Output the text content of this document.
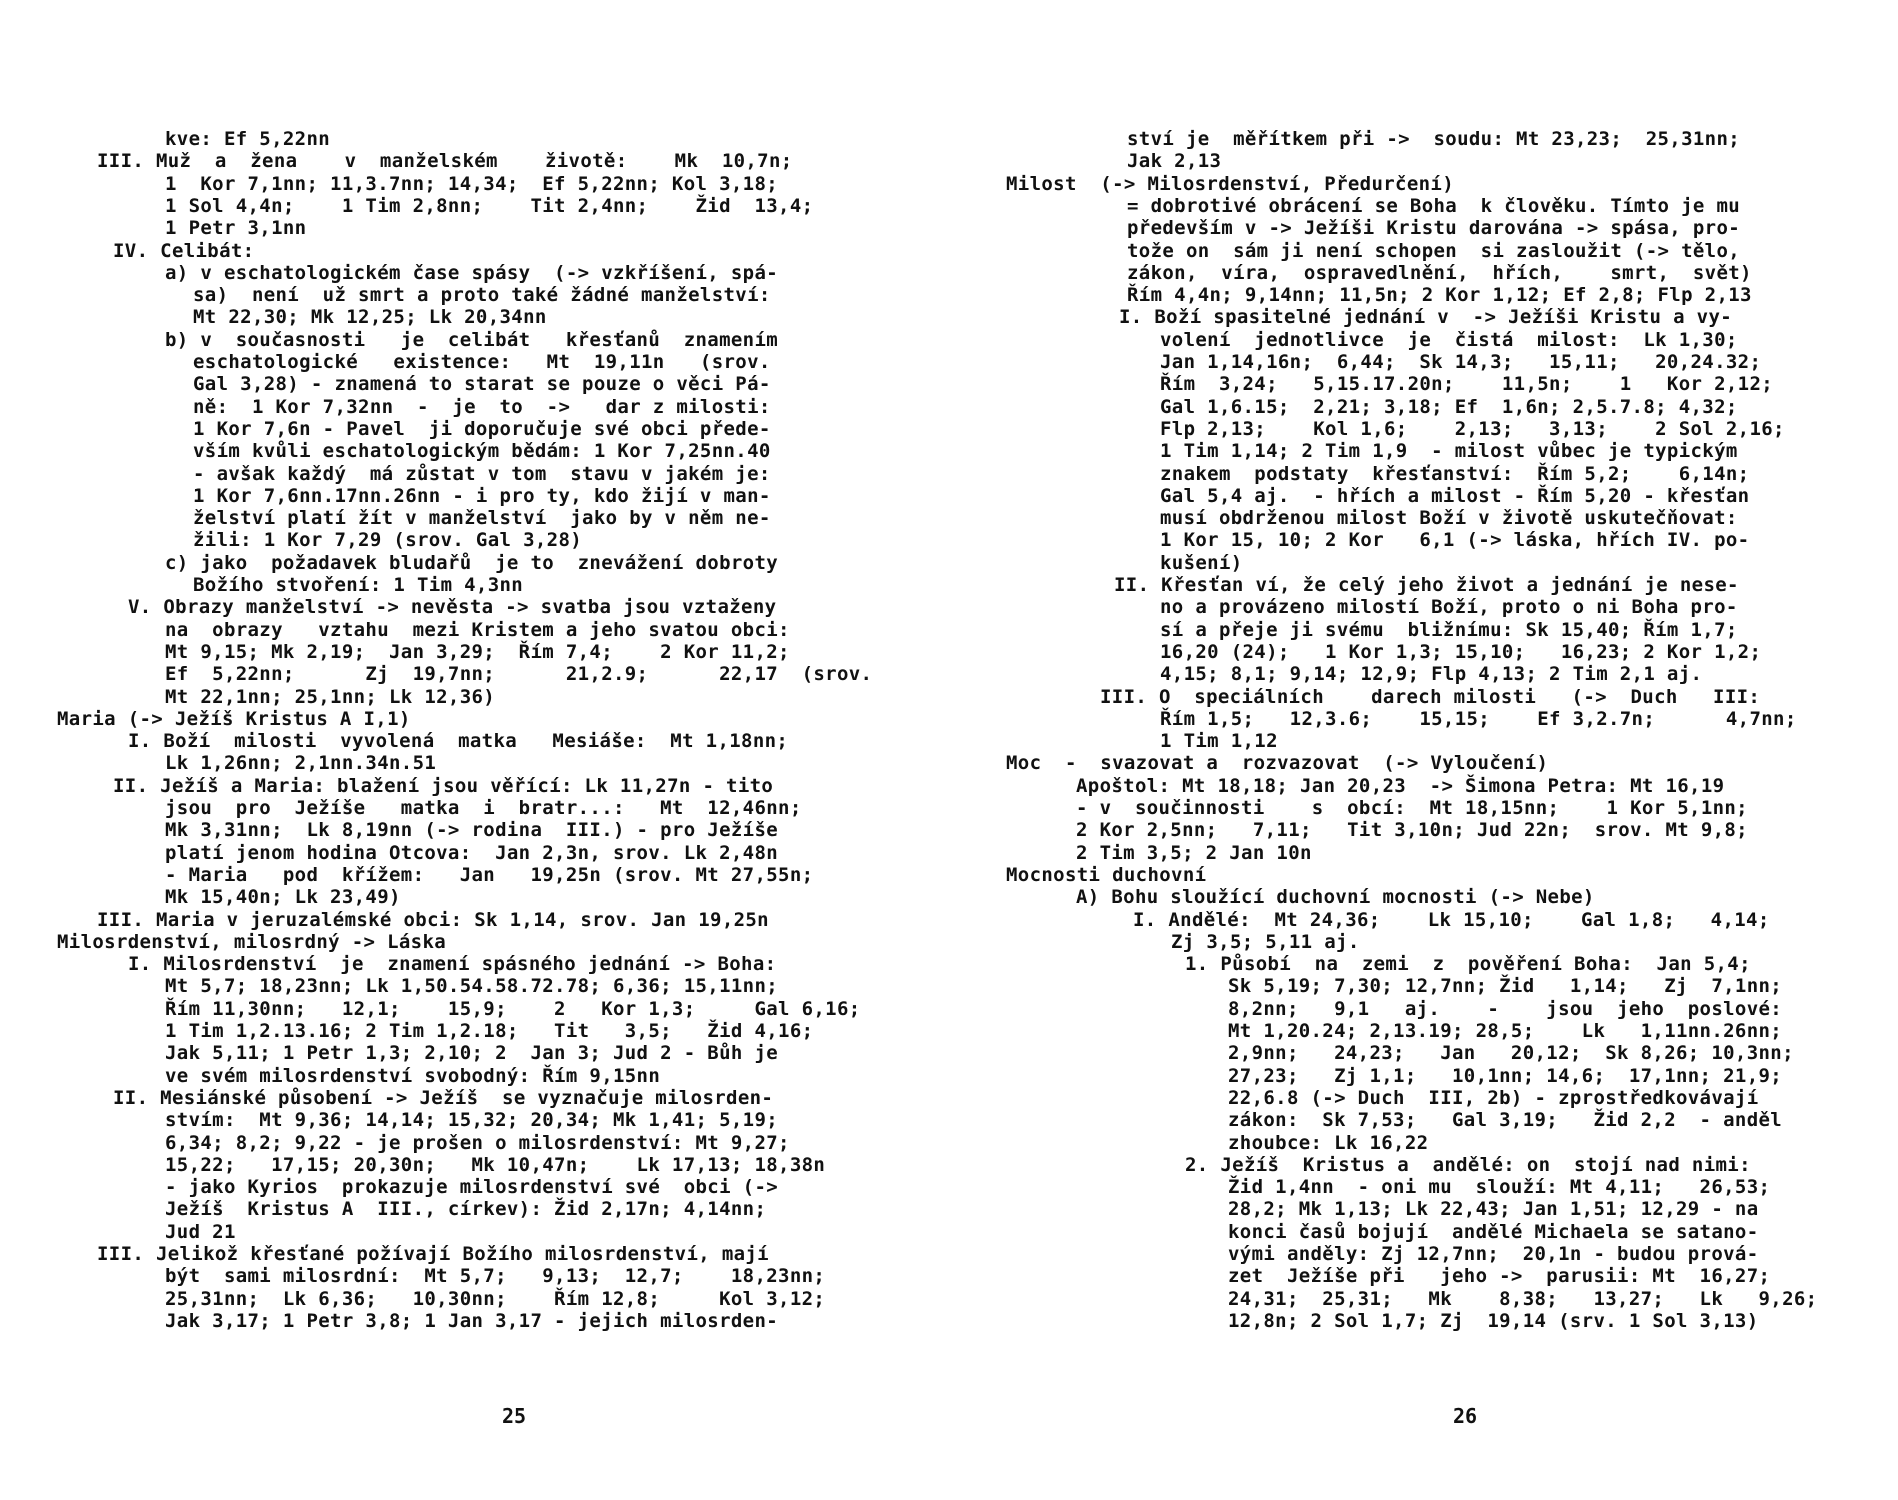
kve: Ef 5,22nn
III. Muž  a  žena    v  manželském    životě:    Mk  10,7n;
1  Kor 7,1nn; 11,3.7nn; 14,34;  Ef 5,22nn; Kol 3,18;
1 Sol 4,4n;    1 Tim 2,8nn;    Tit 2,4nn;    Žid  13,4;
1 Petr 3,1nn
IV. Celibát:
a) v eschatologickém čase spásy  (-> vzkříšení, spá-
sa)  není  už smrt a proto také žádné manželství:
Mt 22,30; Mk 12,25; Lk 20,34nn
b) v  současnosti   je  celibát   křesťanů  znamením
eschatologické   existence:   Mt  19,11n   (srov.
Gal 3,28) - znamená to starat se pouze o věci Pá-
ně:  1 Kor 7,32nn  -  je  to  ->   dar z milosti:
1 Kor 7,6n - Pavel  ji doporučuje své obci přede-
vším kvůli eschatologickým bědám: 1 Kor 7,25nn.40
- avšak každý  má zůstat v tom  stavu v jakém je:
1 Kor 7,6nn.17nn.26nn - i pro ty, kdo žijí v man-
želství platí žít v manželství  jako by v něm ne-
žili: 1 Kor 7,29 (srov. Gal 3,28)
c) jako  požadavek bludařů  je to  znevážení dobroty
Božího stvoření: 1 Tim 4,3nn
V. Obrazy manželství -> nevěsta -> svatba jsou vztaženy
na  obrazy   vztahu  mezi Kristem a jeho svatou obci:
Mt 9,15; Mk 2,19;  Jan 3,29;  Řím 7,4;    2 Kor 11,2;
Ef  5,22nn;      Zj  19,7nn;      21,2.9;      22,17  (srov.
Mt 22,1nn; 25,1nn; Lk 12,36)
Maria (-> Ježíš Kristus A I,1)
I. Boží  milosti  vyvolená  matka   Mesiáše:  Mt 1,18nn;
Lk 1,26nn; 2,1nn.34n.51
II. Ježíš a Maria: blažení jsou věřící: Lk 11,27n - tito
jsou  pro  Ježíše   matka  i  bratr...:   Mt  12,46nn;
Mk 3,31nn;  Lk 8,19nn (-> rodina  III.) - pro Ježíše
platí jenom hodina Otcova:  Jan 2,3n, srov. Lk 2,48n
- Maria   pod  křížem:   Jan   19,25n (srov. Mt 27,55n;
Mk 15,40n; Lk 23,49)
III. Maria v jeruzalémské obci: Sk 1,14, srov. Jan 19,25n
Milosrdenství, milosrdný -> Láska
I. Milosrdenství  je  znamení spásného jednání -> Boha:
Mt 5,7; 18,23nn; Lk 1,50.54.58.72.78; 6,36; 15,11nn;
Řím 11,30nn;   12,1;    15,9;    2   Kor 1,3;     Gal 6,16;
1 Tim 1,2.13.16; 2 Tim 1,2.18;   Tit   3,5;   Žid 4,16;
Jak 5,11; 1 Petr 1,3; 2,10; 2  Jan 3; Jud 2 - Bůh je
ve svém milosrdenství svobodný: Řím 9,15nn
II. Mesiánské působení -> Ježíš  se vyznačuje milosrden-
stvím:  Mt 9,36; 14,14; 15,32; 20,34; Mk 1,41; 5,19;
6,34; 8,2; 9,22 - je prošen o milosrdenství: Mt 9,27;
15,22;   17,15; 20,30n;   Mk 10,47n;    Lk 17,13; 18,38n
- jako Kyrios  prokazuje milosrdenství své  obci (->
Ježíš  Kristus A  III., církev): Žid 2,17n; 4,14nn;
Jud 21
III. Jelikož křesťané požívají Božího milosrdenství, mají
být  sami milosrdní:  Mt 5,7;   9,13;  12,7;    18,23nn;
25,31nn;  Lk 6,36;   10,30nn;    Řím 12,8;     Kol 3,12;
Jak 3,17; 1 Petr 3,8; 1 Jan 3,17 - jejich milosrden-
25
ství je  měřítkem při ->  soudu: Mt 23,23;  25,31nn;
Jak 2,13
Milost  (-> Milosrdenství, Předurčení)
= dobrotivé obrácení se Boha  k člověku. Tímto je mu
především v -> Ježíši Kristu darována -> spása, pro-
tože on  sám ji není schopen  si zasloužit (-> tělo,
zákon,  víra,  ospravedlnění,  hřích,    smrt,  svět)
Řím 4,4n; 9,14nn; 11,5n; 2 Kor 1,12; Ef 2,8; Flp 2,13
I. Boží spasitelné jednání v  -> Ježíši Kristu a vy-
volení  jednotlivce  je  čistá  milost:  Lk 1,30;
Jan 1,14,16n;  6,44;  Sk 14,3;   15,11;   20,24.32;
Řím  3,24;   5,15.17.20n;    11,5n;    1   Kor 2,12;
Gal 1,6.15;  2,21; 3,18; Ef  1,6n; 2,5.7.8; 4,32;
Flp 2,13;    Kol 1,6;    2,13;   3,13;    2 Sol 2,16;
1 Tim 1,14; 2 Tim 1,9  - milost vůbec je typickým
znakem  podstaty  křesťanství:  Řím 5,2;    6,14n;
Gal 5,4 aj.  - hřích a milost - Řím 5,20 - křesťan
musí obdrženou milost Boží v životě uskutečňovat:
1 Kor 15, 10; 2 Kor   6,1 (-> láska, hřích IV. po-
kušení)
II. Křesťan ví, že celý jeho život a jednání je nese-
no a provázeno milostí Boží, proto o ni Boha pro-
sí a přeje ji svému  bližnímu: Sk 15,40; Řím 1,7;
16,20 (24);   1 Kor 1,3; 15,10;   16,23; 2 Kor 1,2;
4,15; 8,1; 9,14; 12,9; Flp 4,13; 2 Tim 2,1 aj.
III. O  speciálních    darech milosti   (->  Duch   III:
Řím 1,5;   12,3.6;    15,15;    Ef 3,2.7n;      4,7nn;
1 Tim 1,12
Moc  -  svazovat a  rozvazovat  (-> Vyloučení)
Apoštol: Mt 18,18; Jan 20,23  -> Šimona Petra: Mt 16,19
- v  součinnosti    s  obcí:  Mt 18,15nn;    1 Kor 5,1nn;
2 Kor 2,5nn;   7,11;   Tit 3,10n; Jud 22n;  srov. Mt 9,8;
2 Tim 3,5; 2 Jan 10n
Mocnosti duchovní
A) Bohu sloužící duchovní mocnosti (-> Nebe)
I. Andělé:  Mt 24,36;    Lk 15,10;    Gal 1,8;   4,14;
Zj 3,5; 5,11 aj.
1. Působí  na  zemi  z  pověření Boha:  Jan 5,4;
Sk 5,19; 7,30; 12,7nn; Žid   1,14;   Zj  7,1nn;
8,2nn;   9,1   aj.    -    jsou  jeho  poslové:
Mt 1,20.24; 2,13.19; 28,5;    Lk   1,11nn.26nn;
2,9nn;   24,23;   Jan   20,12;  Sk 8,26; 10,3nn;
27,23;   Zj 1,1;   10,1nn; 14,6;  17,1nn; 21,9;
22,6.8 (-> Duch  III, 2b) - zprostředkovávají
zákon:  Sk 7,53;   Gal 3,19;   Žid 2,2  - anděl
zhoubce: Lk 16,22
2. Ježíš  Kristus a  andělé: on  stojí nad nimi:
Žid 1,4nn  - oni mu  slouží: Mt 4,11;   26,53;
28,2; Mk 1,13; Lk 22,43; Jan 1,51; 12,29 - na
konci časů bojují  andělé Michaela se satano-
vými anděly: Zj 12,7nn;  20,1n - budou prová-
zet  Ježíše při   jeho ->  parusii: Mt  16,27;
24,31;  25,31;   Mk    8,38;   13,27;   Lk   9,26;
12,8n; 2 Sol 1,7; Zj  19,14 (srv. 1 Sol 3,13)
26
